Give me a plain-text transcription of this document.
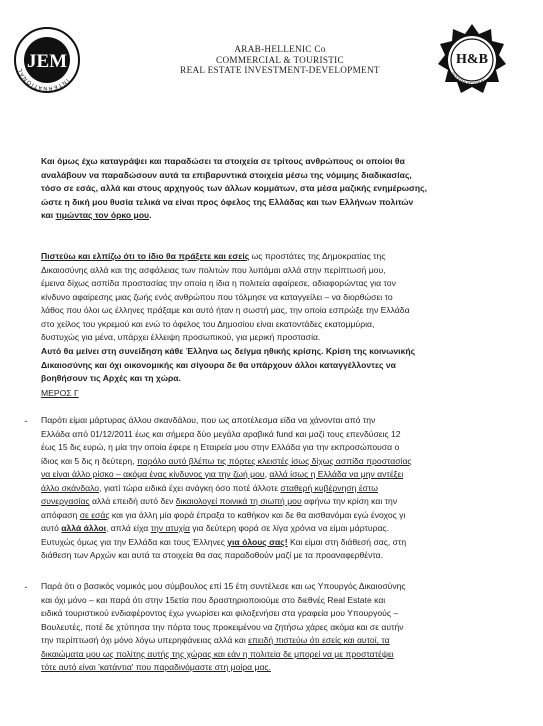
JEM
INTERNATIONAL
ARAB-HELLENIC Co
COMMERCIAL & TOURISTIC
REAL ESTATE INVESTMENT-DEVELOPMENT
H&B
INTERNATIONAL
Και όμως έχω καταγράψει και παραδώσει τα στοιχεία σε τρίτους ανθρώπους οι οποίοι θα
αναλάβουν να παραδώσουν αυτά τα επιβαρυντικά στοιχεία μέσω της νόμιμης διαδικασίας,
τόσο σε εσάς, αλλά και στους αρχηγούς των άλλων κομμάτων, στα μέσα μαζικής ενημέρωσης,
ώστε η δική μου θυσία τελικά να είναι προς όφελος της Ελλάδας και των Ελλήνων πολιτών
και τιμώντας τον όρκο μου.
Πιστεύω και ελπίζω ότι το ίδιο θα πράξετε και εσείς ως προστάτες της Δημοκρατίας της
Δικαιοσύνης αλλά και της ασφάλειας των πολιτών που λυπάμαι αλλά στην περίπτωσή μου,
έμεινα δίχως ασπίδα προστασίας την οποία η ίδια η πολιτεία αφαίρεσε, αδιαφορώντας για τον
κίνδυνο αφαίρεσης μιας ζωής ενός ανθρώπου που τόλμησε να καταγγείλει – να διορθώσει το
λάθος που όλοι ως έλληνες πράξαμε και αυτό ήταν η σωστή μας, την οποία εσπρώξε την Ελλάδα
στο χείλος του γκρεμού και ενώ το όφελος του Δημοσίου είναι εκατοντάδες εκατομμύρια,
δυστυχώς για μένα, υπάρχει έλλειψη προσωπικού, για μερική προστασία.
Αυτό θα μείνει στη συνείδηση κάθε Έλληνα ως δείγμα ηθικής κρίσης. Κρίση της κοινωνικής
Δικαιοσύνης και όχι οικονομικής και σίγουρα δε θα υπάρχουν άλλοι καταγγέλλοντες να
βοηθήσουν τις Αρχές και τη χώρα.
ΜΕΡΟΣ Γ
- Παρότι είμαι μάρτυρας άλλου σκανδάλου, που ως αποτέλεσμα είδα να χάνονται από την
Ελλάδα από 01/12/2011 έως και σήμερα δύο μεγάλα αραβικά fund και μαζί τους επενδύσεις 12
έως 15 δις ευρώ, η μία την οποία έφερε η Εταιρεία μου στην Ελλάδα για την εκπροσώπουσα ο
ίδιος και 5 δις η δεύτερη, παρόλο αυτό βλέπω τις πόρτες κλειστές ίσως δίχως ασπίδα προστασίας
να είναι άλλο ρίσκο – ακόμα ένας κίνδυνος για την ζωή μου, αλλά ίσως η Ελλάδα να μην αντέξει
άλλο σκάνδαλο, γιατί τώρα ειδικά έχει ανάγκη όσο ποτέ άλλοτε σταθερή κυβέρνηση έστω
συνεργασίας αλλά επειδή αυτό δεν δικαιολογεί ποινικά τη σιωπή μου αφήνω την κρίση και την
απόφαση σε εσάς και για άλλη μία φορά έπραξα το καθήκον και δε θα αισθανόμαι εγώ ένοχος γι
αυτό αλλά άλλοι, απλά είχα την ατυχία για δεύτερη φορά σε λίγα χρόνια να είμαι μάρτυρας.
Ευτυχώς όμως για την Ελλάδα και τους Έλληνες για όλους σας! Και είμαι στη διάθεσή σας, στη
διάθεση των Αρχών και αυτά τα στοιχεία θα σας παραδοθούν μαζί με τα προαναφερθέντα.
- Παρά ότι ο βασικός νομικός μου σύμβουλος επί 15 έτη συντέλεσε και ως Υπουργός Δικαιοσύνης
και όχι μόνο – και παρά ότι στην 15ετία που δραστηριοποιούμε στο διεθνές Real Estate και
ειδικά τουριστικού ενδιαφέροντος έχω γνωρίσει και φιλοξενήσει στα γραφεία μου Υπουργούς –
Βουλευτές, ποτέ δε χτύπησα την πόρτα τους προκειμένου να ζητήσω χάρες ακόμα και σε αυτήν
την περίπτωσή όχι μόνο λόγω υπερηφάνειας αλλά και επειδή πιστεύω ότι εσείς και αυτοί, τα
δικαιώματα μου ως πολίτης αυτής της χώρας και εάν η πολιτεία δε μπορεί να με προστατέψει
τότε αυτό είναι 'κατάντια' που παραδινόμαστε στη μοίρα μας.
